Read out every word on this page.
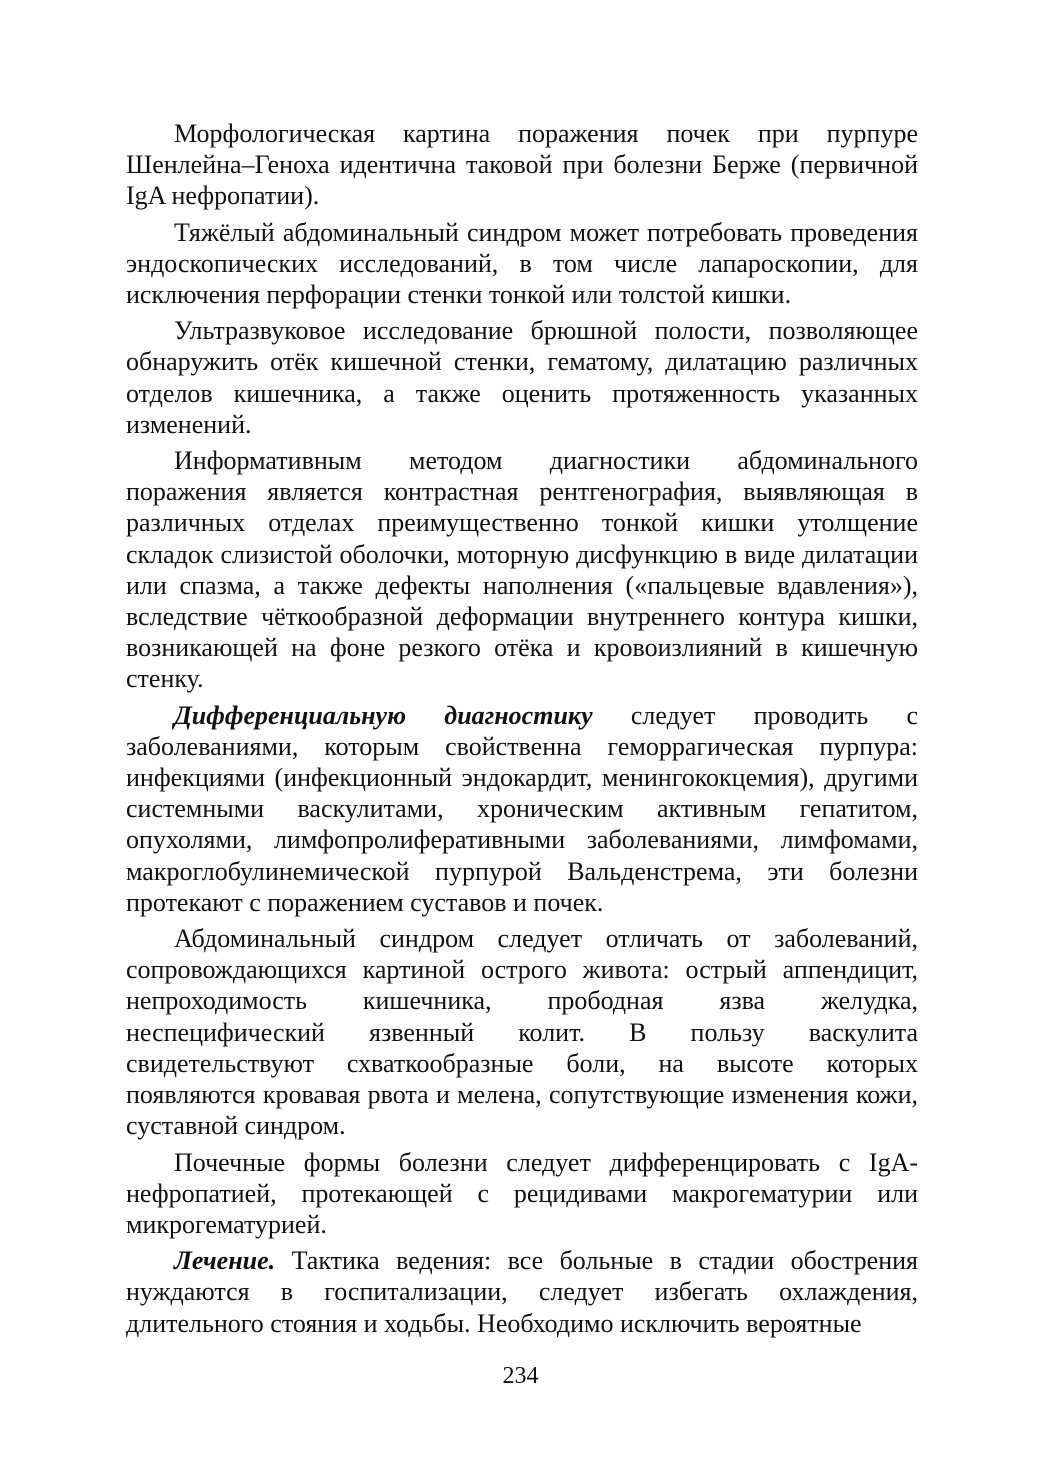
Морфологическая картина поражения почек при пурпуре Шенлейна–Геноха идентична таковой при болезни Берже (первичной IgA нефропатии).

Тяжёлый абдоминальный синдром может потребовать проведения эндоскопических исследований, в том числе лапароскопии, для исключения перфорации стенки тонкой или толстой кишки.

Ультразвуковое исследование брюшной полости, позволяющее обнаружить отёк кишечной стенки, гематому, дилатацию различных отделов кишечника, а также оценить протяженность указанных изменений.

Информативным методом диагностики абдоминального поражения является контрастная рентгенография, выявляющая в различных отделах преимущественно тонкой кишки утолщение складок слизистой оболочки, моторную дисфункцию в виде дилатации или спазма, а также дефекты наполнения («пальцевые вдавления»), вследствие чёткообразной деформации внутреннего контура кишки, возникающей на фоне резкого отёка и кровоизлияний в кишечную стенку.

Дифференциальную диагностику следует проводить с заболеваниями, которым свойственна геморрагическая пурпура: инфекциями (инфекционный эндокардит, менингококцемия), другими системными васкулитами, хроническим активным гепатитом, опухолями, лимфопролиферативными заболеваниями, лимфомами, макроглобулинемической пурпурой Вальденстрема, эти болезни протекают с поражением суставов и почек.

Абдоминальный синдром следует отличать от заболеваний, сопровождающихся картиной острого живота: острый аппендицит, непроходимость кишечника, прободная язва желудка, неспецифический язвенный колит. В пользу васкулита свидетельствуют схваткообразные боли, на высоте которых появляются кровавая рвота и мелена, сопутствующие изменения кожи, суставной синдром.

Почечные формы болезни следует дифференцировать с IgA-нефропатией, протекающей с рецидивами макрогематурии или микрогематурией.

Лечение. Тактика ведения: все больные в стадии обострения нуждаются в госпитализации, следует избегать охлаждения, длительного стояния и ходьбы. Необходимо исключить вероятные

234
